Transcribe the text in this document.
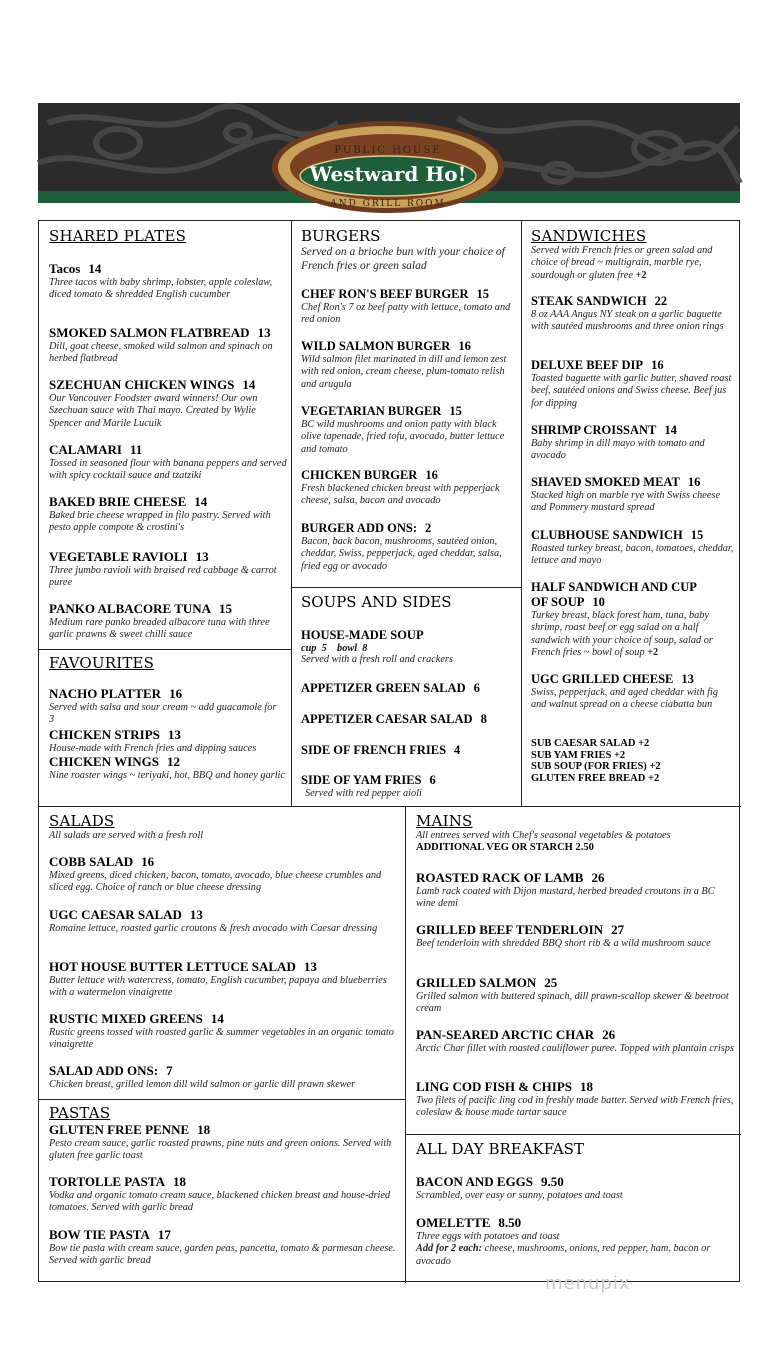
PUBLIC HOUSE
Westward Ho!
AND GRILL ROOM
SHARED PLATES
Tacos 14
Three tacos with baby shrimp, lobster, apple coleslaw, diced tomato & shredded English cucumber
SMOKED SALMON FLATBREAD 13
Dill, goat cheese, smoked wild salmon and spinach on herbed flatbread
SZECHUAN CHICKEN WINGS 14
Our Vancouver Foodster award winners! Our own Szechuan sauce with Thai mayo. Created by Wylie Spencer and Marile Lucuik
CALAMARI 11
Tossed in seasoned flour with banana peppers and served with spicy cocktail sauce and tzatziki
BAKED BRIE CHEESE 14
Baked brie cheese wrapped in filo pastry. Served with pesto apple compote & crostini's
VEGETABLE RAVIOLI 13
Three jumbo ravioli with braised red cabbage & carrot puree
PANKO ALBACORE TUNA 15
Medium rare panko breaded albacore tuna with three garlic prawns & sweet chilli sauce
FAVOURITES
NACHO PLATTER 16
Served with salsa and sour cream ~ add guacamole for 3
CHICKEN STRIPS 13
House-made with French fries and dipping sauces
CHICKEN WINGS 12
Nine roaster wings ~ teriyaki, hot, BBQ and honey garlic
BURGERS
Served on a brioche bun with your choice of French fries or green salad
CHEF RON'S BEEF BURGER 15
Chef Ron's 7 oz beef patty with lettuce, tomato and red onion
WILD SALMON BURGER 16
Wild salmon filet marinated in dill and lemon zest with red onion, cream cheese, plum-tomato relish and arugula
VEGETARIAN BURGER 15
BC wild mushrooms and onion patty with black olive tapenade, fried tofu, avocado, butter lettuce and tomato
CHICKEN BURGER 16
Fresh blackened chicken breast with pepperjack cheese, salsa, bacon and avocado
BURGER ADD ONS: 2
Bacon, back bacon, mushrooms, sautéed onion, cheddar, Swiss, pepperjack, aged cheddar, salsa, fried egg or avocado
SOUPS AND SIDES
HOUSE-MADE SOUP
cup  5    bowl  8
Served with a fresh roll and crackers
APPETIZER GREEN SALAD 6
APPETIZER CAESAR SALAD 8
SIDE OF FRENCH FRIES 4
SIDE OF YAM FRIES 6
Served with red pepper aioli
SANDWICHES
Served with French fries or green salad and choice of bread ~ multigrain, marble rye, sourdough or gluten free +2
STEAK SANDWICH 22
8 oz AAA Angus NY steak on a garlic baguette with sautéed mushrooms and three onion rings
DELUXE BEEF DIP 16
Toasted baguette with garlic butter, shaved roast beef, sautéed onions and Swiss cheese. Beef jus for dipping
SHRIMP CROISSANT 14
Baby shrimp in dill mayo with tomato and avocado
SHAVED SMOKED MEAT 16
Stacked high on marble rye with Swiss cheese and Pommery mustard spread
CLUBHOUSE SANDWICH 15
Roasted turkey breast, bacon, tomatoes, cheddar, lettuce and mayo
HALF SANDWICH AND CUP
OF SOUP 10
Turkey breast, black forest ham, tuna, baby shrimp, roast beef or egg salad on a half sandwich with your choice of soup, salad or French fries ~ bowl of soup +2
UGC GRILLED CHEESE 13
Swiss, pepperjack, and aged cheddar with fig and walnut spread on a cheese ciabatta bun
SUB CAESAR SALAD +2
SUB YAM FRIES +2
SUB SOUP (FOR FRIES) +2
GLUTEN FREE BREAD +2
SALADS
All salads are served with a fresh roll
COBB SALAD 16
Mixed greens, diced chicken, bacon, tomato, avocado, blue cheese crumbles and sliced egg. Choice of ranch or blue cheese dressing
UGC CAESAR SALAD 13
Romaine lettuce, roasted garlic croutons & fresh avocado with Caesar dressing
HOT HOUSE BUTTER LETTUCE SALAD 13
Butter lettuce with watercress, tomato, English cucumber, papaya and blueberries with a watermelon vinaigrette
RUSTIC MIXED GREENS 14
Rustic greens tossed with roasted garlic & summer vegetables in an organic tomato vinaigrette
SALAD ADD ONS: 7
Chicken breast, grilled lemon dill wild salmon or garlic dill prawn skewer
PASTAS
GLUTEN FREE PENNE 18
Pesto cream sauce, garlic roasted prawns, pine nuts and green onions. Served with gluten free garlic toast
TORTOLLE PASTA 18
Vodka and organic tomato cream sauce, blackened chicken breast and house-dried tomatoes. Served with garlic bread
BOW TIE PASTA 17
Bow tie pasta with cream sauce, garden peas, pancetta, tomato & parmesan cheese. Served with garlic bread
MAINS
All entrees served with Chef's seasonal vegetables & potatoes
ADDITIONAL VEG OR STARCH 2.50
ROASTED RACK OF LAMB 26
Lamb rack coated with Dijon mustard, herbed breaded croutons in a BC wine demi
GRILLED BEEF TENDERLOIN 27
Beef tenderloin with shredded BBQ short rib & a wild mushroom sauce
GRILLED SALMON 25
Grilled salmon with buttered spinach, dill prawn-scallop skewer & beetroot cream
PAN-SEARED ARCTIC CHAR 26
Arctic Char fillet with roasted cauliflower puree. Topped with plantain crisps
LING COD FISH & CHIPS 18
Two filets of pacific ling cod in freshly made batter. Served with French fries, coleslaw & house made tartar sauce
ALL DAY BREAKFAST
BACON AND EGGS 9.50
Scrambled, over easy or sunny, potatoes and toast
OMELETTE 8.50
Three eggs with potatoes and toast
Add for 2 each: cheese, mushrooms, onions, red pepper, ham, bacon or avocado
menupix
